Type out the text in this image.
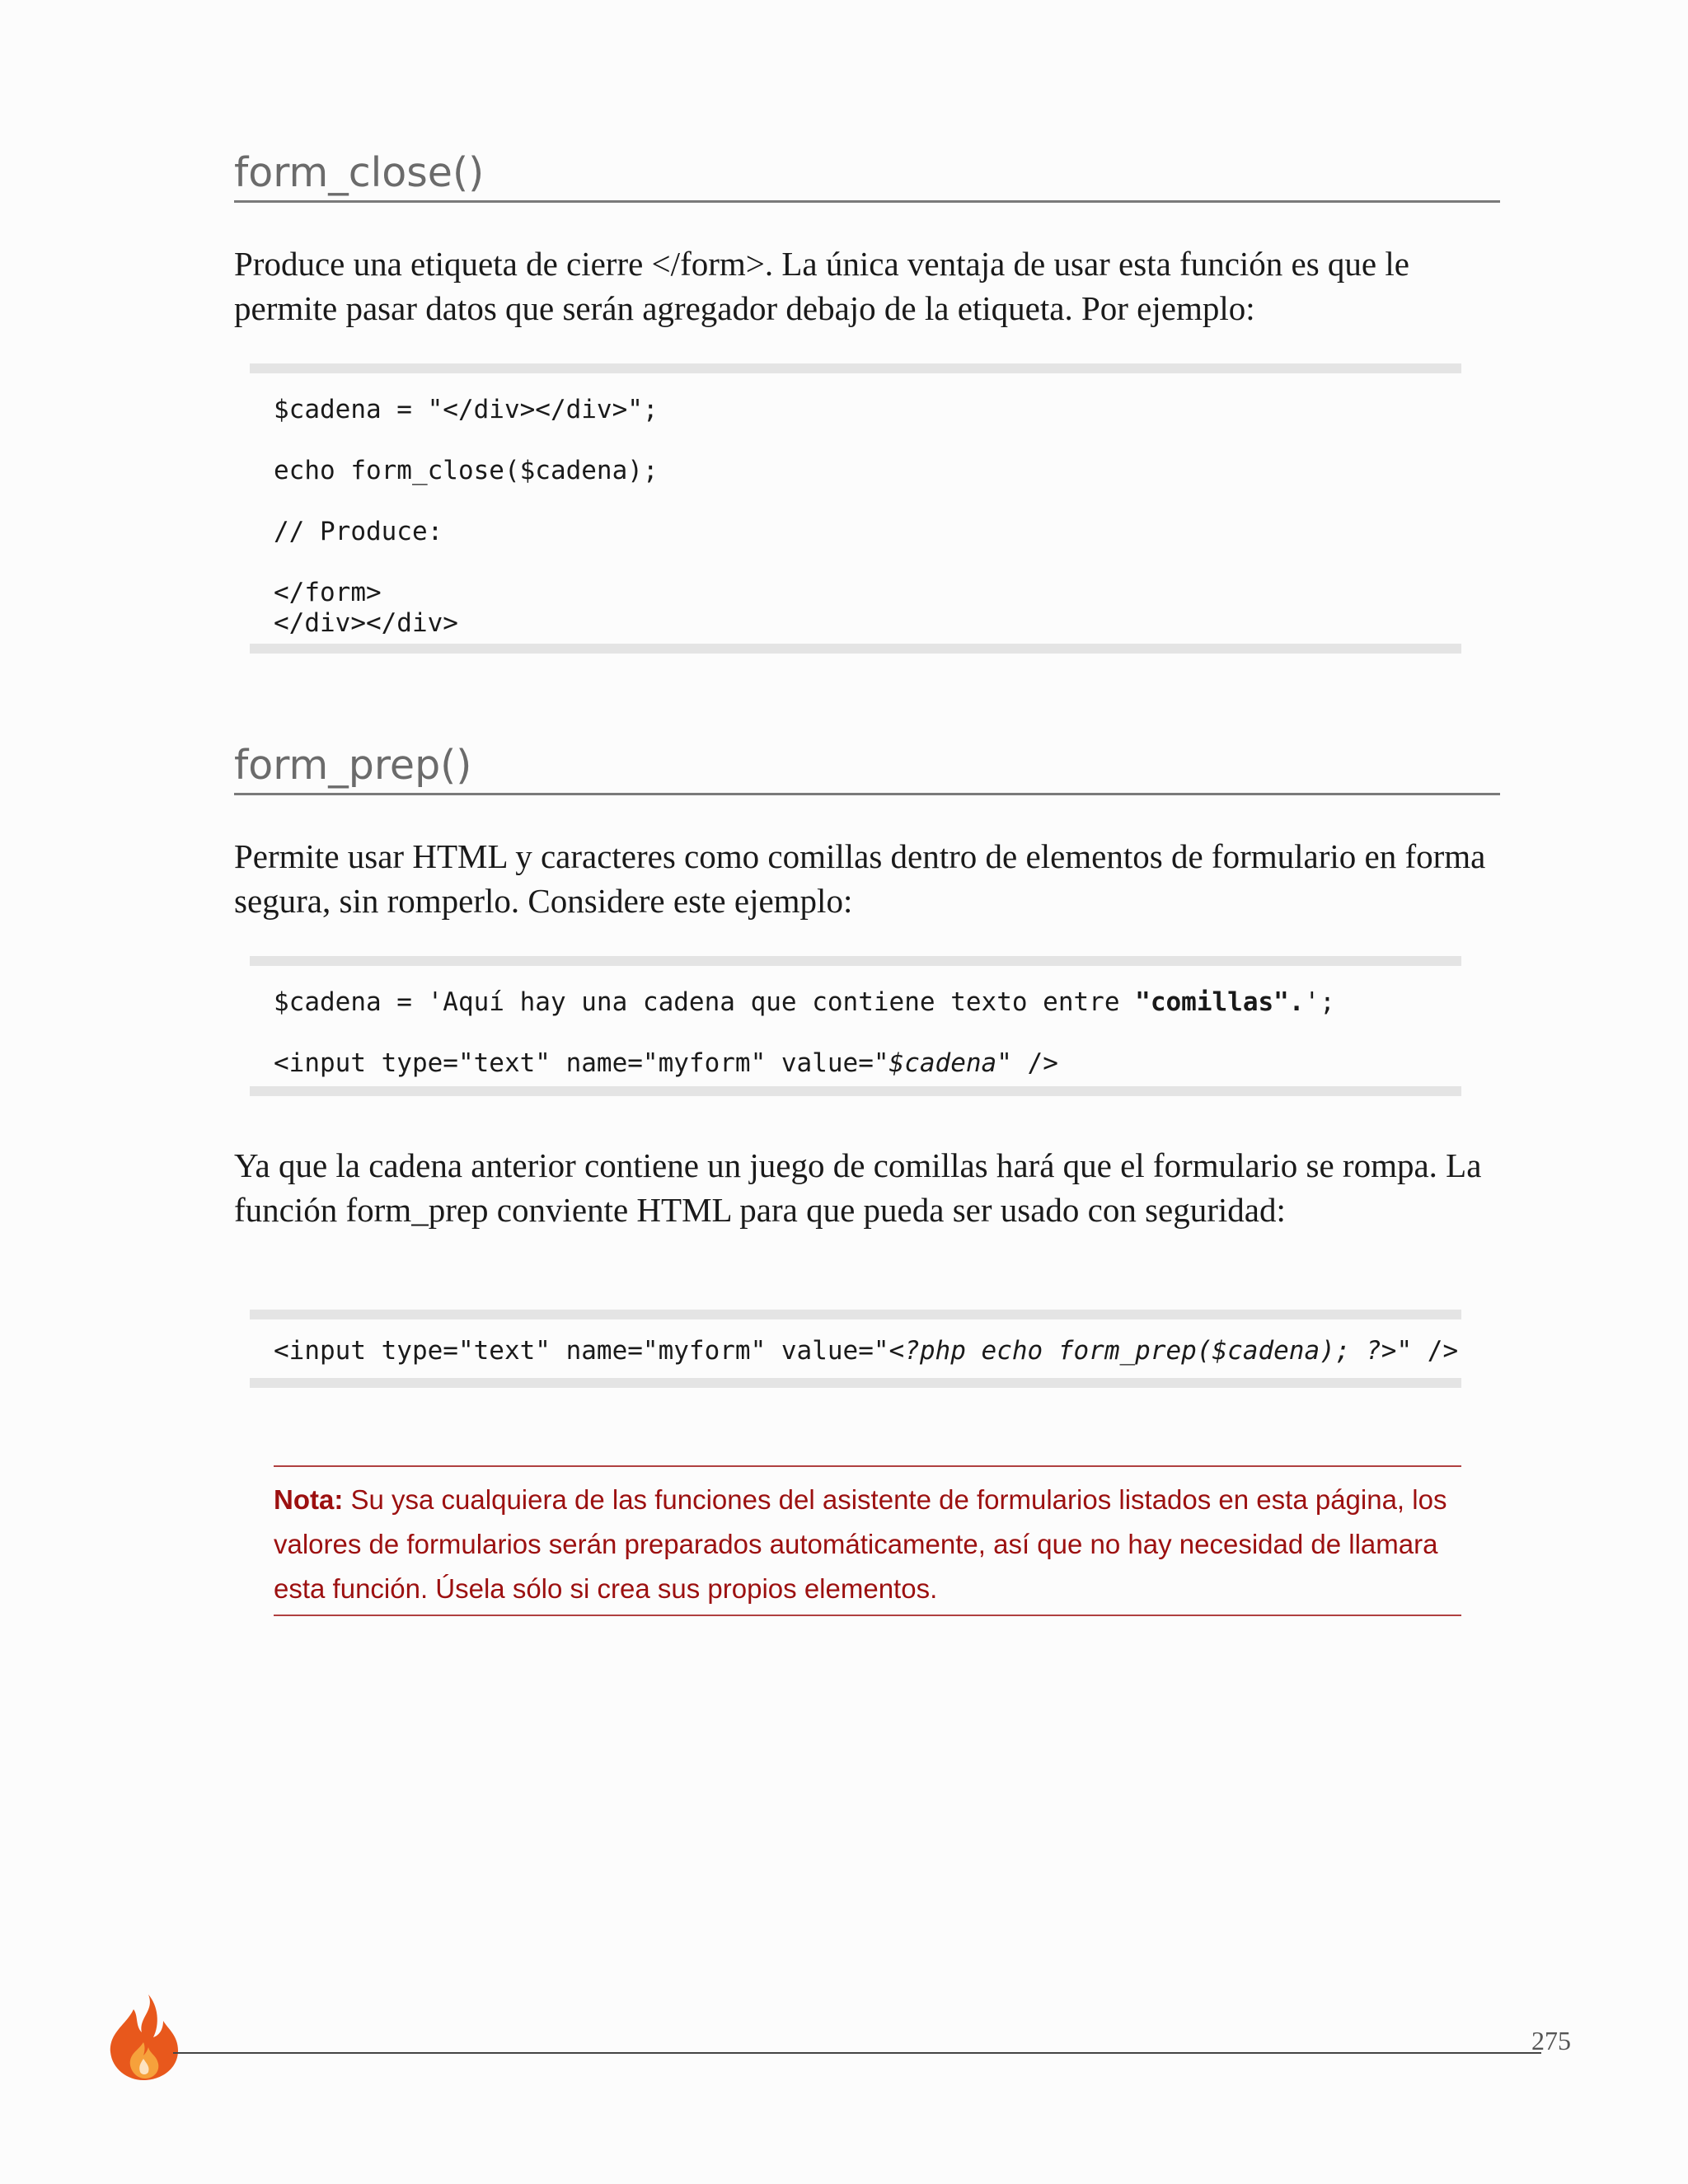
form_close()

Produce una etiqueta de cierre </form>. La única ventaja de usar esta función es que le permite pasar datos que serán agregador debajo de la etiqueta. Por ejemplo:

$cadena = "</div></div>";
echo form_close($cadena);
// Produce:
</form>
</div></div>
form_prep()

Permite usar HTML y caracteres como comillas dentro de elementos de formulario en forma segura, sin romperlo. Considere este ejemplo:

$cadena = 'Aquí hay una cadena que contiene texto entre "comillas".';
<input type="text" name="myform" value="$cadena" />

Ya que la cadena anterior contiene un juego de comillas hará que el formulario se rompa. La función form_prep conviente HTML para que pueda ser usado con seguridad:

<input type="text" name="myform" value="<?php echo form_prep($cadena); ?>" />
Nota: Su ysa cualquiera de las funciones del asistente de formularios listados en esta página, los valores de formularios serán preparados automáticamente, así que no hay necesidad de llamara esta función. Úsela sólo si crea sus propios elementos.
275
